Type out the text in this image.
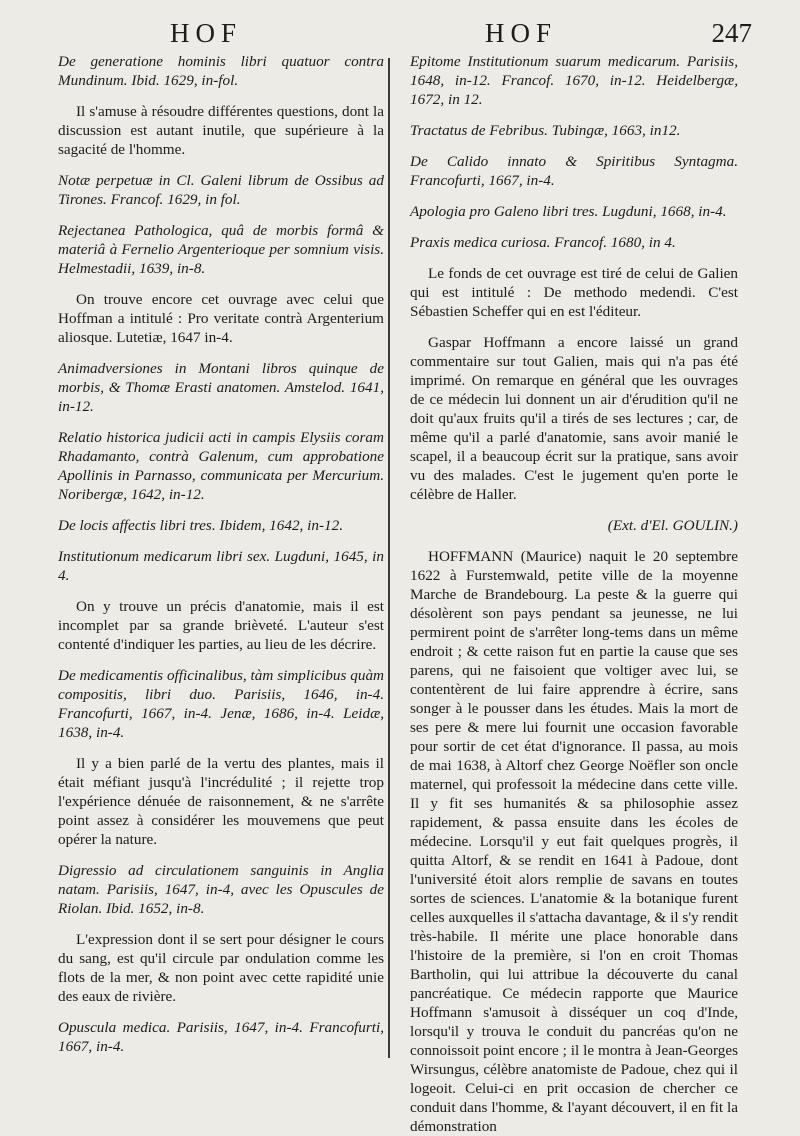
HOF	HOF	247

De generatione hominis libri quatuor contra Mundinum. Ibid. 1629, in-fol.

Il s'amuse à résoudre différentes questions, dont la discussion est autant inutile, que supérieure à la sagacité de l'homme.

Notæ perpetuæ in Cl. Galeni librum de Ossibus ad Tirones. Francof. 1629, in fol.

Rejectanea Pathologica, quâ de morbis formâ & materiâ à Fernelio Argenterioque per somnium visis. Helmestadii, 1639, in-8.

On trouve encore cet ouvrage avec celui que Hoffman a intitulé : Pro veritate contrà Argenterium aliosque. Lutetiæ, 1647 in-4.

Animadversiones in Montani libros quinque de morbis, & Thomæ Erasti anatomen. Amstelod. 1641, in-12.

Relatio historica judicii acti in campis Elysiis coram Rhadamanto, contrà Galenum, cum approbatione Apollinis in Parnasso, communicata per Mercurium. Noribergæ, 1642, in-12.

De locis affectis libri tres. Ibidem, 1642, in-12.

Institutionum medicarum libri sex. Lugduni, 1645, in 4.

On y trouve un précis d'anatomie, mais il est incomplet par sa grande brièveté. L'auteur s'est contenté d'indiquer les parties, au lieu de les décrire.

De medicamentis officinalibus, tàm simplicibus quàm compositis, libri duo. Parisiis, 1646, in-4. Francofurti, 1667, in-4. Jenæ, 1686, in-4. Leidæ, 1638, in-4.

Il y a bien parlé de la vertu des plantes, mais il était méfiant jusqu'à l'incrédulité ; il rejette trop l'expérience dénuée de raisonnement, & ne s'arrête point assez à considérer les mouvemens que peut opérer la nature.

Digressio ad circulationem sanguinis in Anglia natam. Parisiis, 1647, in-4, avec les Opuscules de Riolan. Ibid. 1652, in-8.

L'expression dont il se sert pour désigner le cours du sang, est qu'il circule par ondulation comme les flots de la mer, & non point avec cette rapidité unie des eaux de rivière.

Opuscula medica. Parisiis, 1647, in-4. Francofurti, 1667, in-4.

Epitome Institutionum suarum medicarum. Parisiis, 1648, in-12. Francof. 1670, in-12. Heidelbergæ, 1672, in 12.

Tractatus de Febribus. Tubingæ, 1663, in12.

De Calido innato & Spiritibus Syntagma. Francofurti, 1667, in-4.

Apologia pro Galeno libri tres. Lugduni, 1668, in-4.

Praxis medica curiosa. Francof. 1680, in 4.

Le fonds de cet ouvrage est tiré de celui de Galien qui est intitulé : De methodo medendi. C'est Sébastien Scheffer qui en est l'éditeur.

Gaspar Hoffmann a encore laissé un grand commentaire sur tout Galien, mais qui n'a pas été imprimé. On remarque en général que les ouvrages de ce médecin lui donnent un air d'érudition qu'il ne doit qu'aux fruits qu'il a tirés de ses lectures ; car, de même qu'il a parlé d'anatomie, sans avoir manié le scapel, il a beaucoup écrit sur la pratique, sans avoir vu des malades. C'est le jugement qu'en porte le célèbre de Haller.

(Ext. d'El. GOULIN.)

HOFFMANN (Maurice) naquit le 20 septembre 1622 à Furstemwald, petite ville de la moyenne Marche de Brandebourg. La peste & la guerre qui désolèrent son pays pendant sa jeunesse, ne lui permirent point de s'arrêter long-tems dans un même endroit ; & cette raison fut en partie la cause que ses parens, qui ne faisoient que voltiger avec lui, se contentèrent de lui faire apprendre à écrire, sans songer à le pousser dans les études. Mais la mort de ses pere & mere lui fournit une occasion favorable pour sortir de cet état d'ignorance. Il passa, au mois de mai 1638, à Altorf chez George Noëfler son oncle maternel, qui professoit la médecine dans cette ville. Il y fit ses humanités & sa philosophie assez rapidement, & passa ensuite dans les écoles de médecine. Lorsqu'il y eut fait quelques progrès, il quitta Altorf, & se rendit en 1641 à Padoue, dont l'université étoit alors remplie de savans en toutes sortes de sciences. L'anatomie & la botanique furent celles auxquelles il s'attacha davantage, & il s'y rendit très-habile. Il mérite une place honorable dans l'histoire de la première, si l'on en croit Thomas Bartholin, qui lui attribue la découverte du canal pancréatique. Ce médecin rapporte que Maurice Hoffmann s'amusoit à disséquer un coq d'Inde, lorsqu'il y trouva le conduit du pancréas qu'on ne connoissoit point encore ; il le montra à Jean-Georges Wirsungus, célèbre anatomiste de Padoue, chez qui il logeoit. Celui-ci en prit occasion de chercher ce conduit dans l'homme, & l'ayant découvert, il en fit la démonstration
